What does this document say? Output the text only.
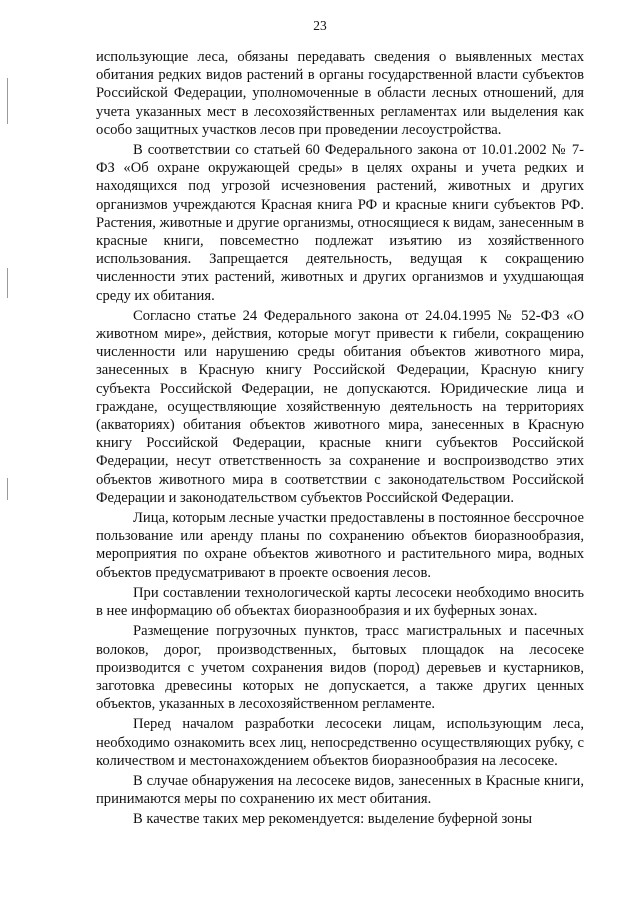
23

использующие леса, обязаны передавать сведения о выявленных местах обитания редких видов растений в органы государственной власти субъектов Российской Федерации, уполномоченные в области лесных отношений, для учета указанных мест в лесохозяйственных регламентах или выделения как особо защитных участков лесов при проведении лесоустройства.

В соответствии со статьей 60 Федерального закона от 10.01.2002 № 7-ФЗ «Об охране окружающей среды» в целях охраны и учета редких и находящихся под угрозой исчезновения растений, животных и других организмов учреждаются Красная книга РФ и красные книги субъектов РФ. Растения, животные и другие организмы, относящиеся к видам, занесенным в красные книги, повсеместно подлежат изъятию из хозяйственного использования. Запрещается деятельность, ведущая к сокращению численности этих растений, животных и других организмов и ухудшающая среду их обитания.

Согласно статье 24 Федерального закона от 24.04.1995 № 52-ФЗ «О животном мире», действия, которые могут привести к гибели, сокращению численности или нарушению среды обитания объектов животного мира, занесенных в Красную книгу Российской Федерации, Красную книгу субъекта Российской Федерации, не допускаются. Юридические лица и граждане, осуществляющие хозяйственную деятельность на территориях (акваториях) обитания объектов животного мира, занесенных в Красную книгу Российской Федерации, красные книги субъектов Российской Федерации, несут ответственность за сохранение и воспроизводство этих объектов животного мира в соответствии с законодательством Российской Федерации и законодательством субъектов Российской Федерации.

Лица, которым лесные участки предоставлены в постоянное бессрочное пользование или аренду планы по сохранению объектов биоразнообразия, мероприятия по охране объектов животного и растительного мира, водных объектов предусматривают в проекте освоения лесов.

При составлении технологической карты лесосеки необходимо вносить в нее информацию об объектах биоразнообразия и их буферных зонах.

Размещение погрузочных пунктов, трасс магистральных и пасечных волоков, дорог, производственных, бытовых площадок на лесосеке производится с учетом сохранения видов (пород) деревьев и кустарников, заготовка древесины которых не допускается, а также других ценных объектов, указанных в лесохозяйственном регламенте.

Перед началом разработки лесосеки лицам, использующим леса, необходимо ознакомить всех лиц, непосредственно осуществляющих рубку, с количеством и местонахождением объектов биоразнообразия на лесосеке.

В случае обнаружения на лесосеке видов, занесенных в Красные книги, принимаются меры по сохранению их мест обитания.

В качестве таких мер рекомендуется: выделение буферной зоны
